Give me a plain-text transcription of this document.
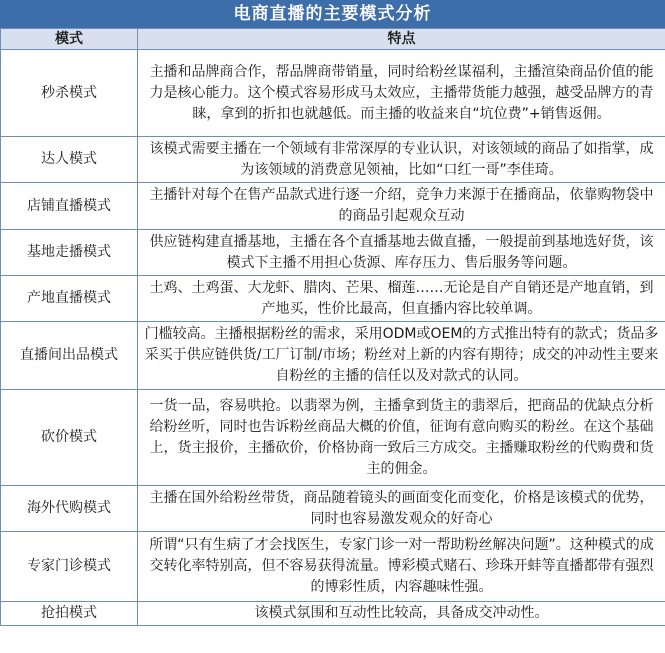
电商直播的主要模式分析
模式	特点
秒杀模式	主播和品牌商合作，帮品牌商带销量，同时给粉丝谋福利，主播渲染商品价值的能力是核心能力。这个模式容易形成马太效应，主播带货能力越强，越受品牌方的青睐，拿到的折扣也就越低。而主播的收益来自“坑位费”+销售返佣。
达人模式	该模式需要主播在一个领域有非常深厚的专业认识，对该领域的商品了如指掌，成为该领域的消费意见领袖，比如“口红一哥”李佳琦。
店铺直播模式	主播针对每个在售产品款式进行逐一介绍，竞争力来源于在播商品，依靠购物袋中的商品引起观众互动
基地走播模式	供应链构建直播基地，主播在各个直播基地去做直播，一般提前到基地选好货，该模式下主播不用担心货源、库存压力、售后服务等问题。
产地直播模式	土鸡、土鸡蛋、大龙虾、腊肉、芒果、榴莲……无论是自产自销还是产地直销，到产地买，性价比最高，但直播内容比较单调。
直播间出品模式	门槛较高。主播根据粉丝的需求，采用ODM或OEM的方式推出特有的款式；货品多采买于供应链供货/工厂订制/市场；粉丝对上新的内容有期待；成交的冲动性主要来自粉丝的主播的信任以及对款式的认同。
砍价模式	一货一品，容易哄抢。以翡翠为例，主播拿到货主的翡翠后，把商品的优缺点分析给粉丝听，同时也告诉粉丝商品大概的价值，征询有意向购买的粉丝。在这个基础上，货主报价，主播砍价，价格协商一致后三方成交。主播赚取粉丝的代购费和货主的佣金。
海外代购模式	主播在国外给粉丝带货，商品随着镜头的画面变化而变化，价格是该模式的优势，同时也容易激发观众的好奇心
专家门诊模式	所谓“只有生病了才会找医生，专家门诊一对一帮助粉丝解决问题”。这种模式的成交转化率特别高，但不容易获得流量。博彩模式赌石、珍珠开蚌等直播都带有强烈的博彩性质，内容趣味性强。
抢拍模式	该模式氛围和互动性比较高，具备成交冲动性。
